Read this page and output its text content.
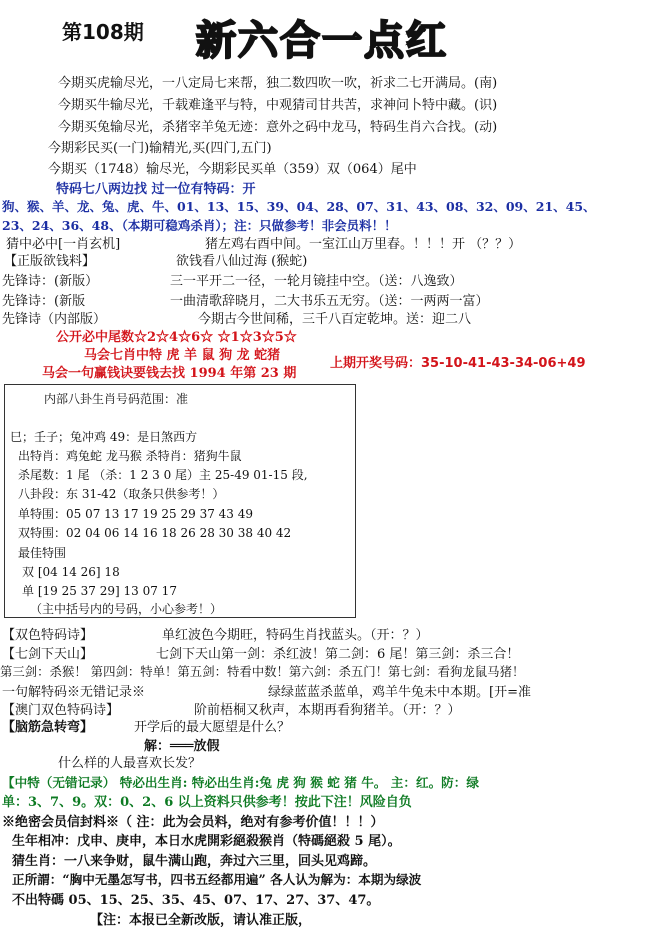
第108期 新六合一点红
今期买虎输尽光，一八定局七来帮，独二数四吹一吹，祈求二七开满局。(南)
今期买牛输尽光，千载难逢平与特，中观猜司甘共苦，求神问卜特中藏。(识)
今期买兔输尽光，杀猪宰羊兔无迹：意外之码中龙马，特码生肖六合找。(动)
今期彩民买(一门)输精光,买(四门,五门)
今期买（1748）输尽光，今期彩民买单（359）双（064）尾中
特码七八两边找 过一位有特码：开
狗、猴、羊、龙、兔、虎、牛、01、13、15、39、04、28、07、31、43、08、32、09、21、45、
23、24、36、48、（本期可稳鸡杀肖）；注：只做参考！非会员料！！
猜中必中[一肖玄机]	猪左鸡右酉中间。一室江山万里春。！！！开 （？？）
【正版欲钱料】	欲钱看八仙过海 (猴蛇)
先锋诗：(新版）	三一平开二一径，一轮月镜挂中空。（送：八逸致）
先锋诗：(新版	一曲清歌辞晓月，二大书乐五无穷。（送：一两两一富）
先锋诗（内部版）	今期古今世间稀，三千八百定乾坤。送：迎二八
公开必中尾数☆2☆4☆6☆ ☆1☆3☆5☆
马会七肖中特 虎 羊 鼠 狗 龙 蛇猪
马会一句赢钱诀要钱去找 1994 年第 23 期
上期开奖号码：35-10-41-43-34-06+49
内部八卦生肖号码范围：准
巳；壬子；兔冲鸡 49：是日煞西方
出特肖：鸡兔蛇 龙马猴 杀特肖：猪狗牛鼠
杀尾数：1 尾 （杀：1 2 3 0 尾）主 25-49 01-15 段,
八卦段：东 31-42（取条只供参考！）
单特围：05 07 13 17 19 25 29 37 43 49
双特围：02 04 06 14 16 18 26 28 30 38 40 42
最佳特围
双 [04 14 26] 18
单 [19 25 37 29] 13 07 17
（主中括号内的号码，小心参考！）
【双色特码诗】	单红波色今期旺，特码生肖找蓝头。（开：？）
【七剑下天山】	七剑下天山第一剑：杀红波！第二剑：6 尾！第三剑：杀三合！
第三剑：杀猴！ 第四剑：特单！第五剑：特看中数！第六剑：杀五门！第七剑：看狗龙鼠马猪！
一句解特码※无错记录※	绿绿蓝蓝杀蓝单，鸡羊牛兔未中本期。[开=准
【澳门双色特码诗】	阶前梧桐又秋声，本期再看狗猪羊。（开：？）
【脑筋急转弯】	开学后的最大愿望是什么？
解：═══放假
什么样的人最喜欢长发？
【中特（无错记录） 特必出生肖: 特必出生肖:兔 虎 狗 猴 蛇 猪 牛。 主：红。防：绿
单：3、7、9。双：0、2、6 以上资料只供参考！按此下注！风险自负
※绝密会员信封料※（ 注：此为会员料，绝对有参考价值！！！）
生年相冲：戊申、庚申，本日水虎開彩絕殺猴肖（特碼絕殺 5 尾）。
猜生肖：一八来争财，鼠牛满山跑，奔过六三里，回头见鸡蹄。
正所謂：“胸中无墨怎写书，四书五经都用遍” 各人认为解为：本期为绿波
不出特碼 05、15、25、35、45、07、17、27、37、47。
【注：本报已全新改版，请认准正版，
